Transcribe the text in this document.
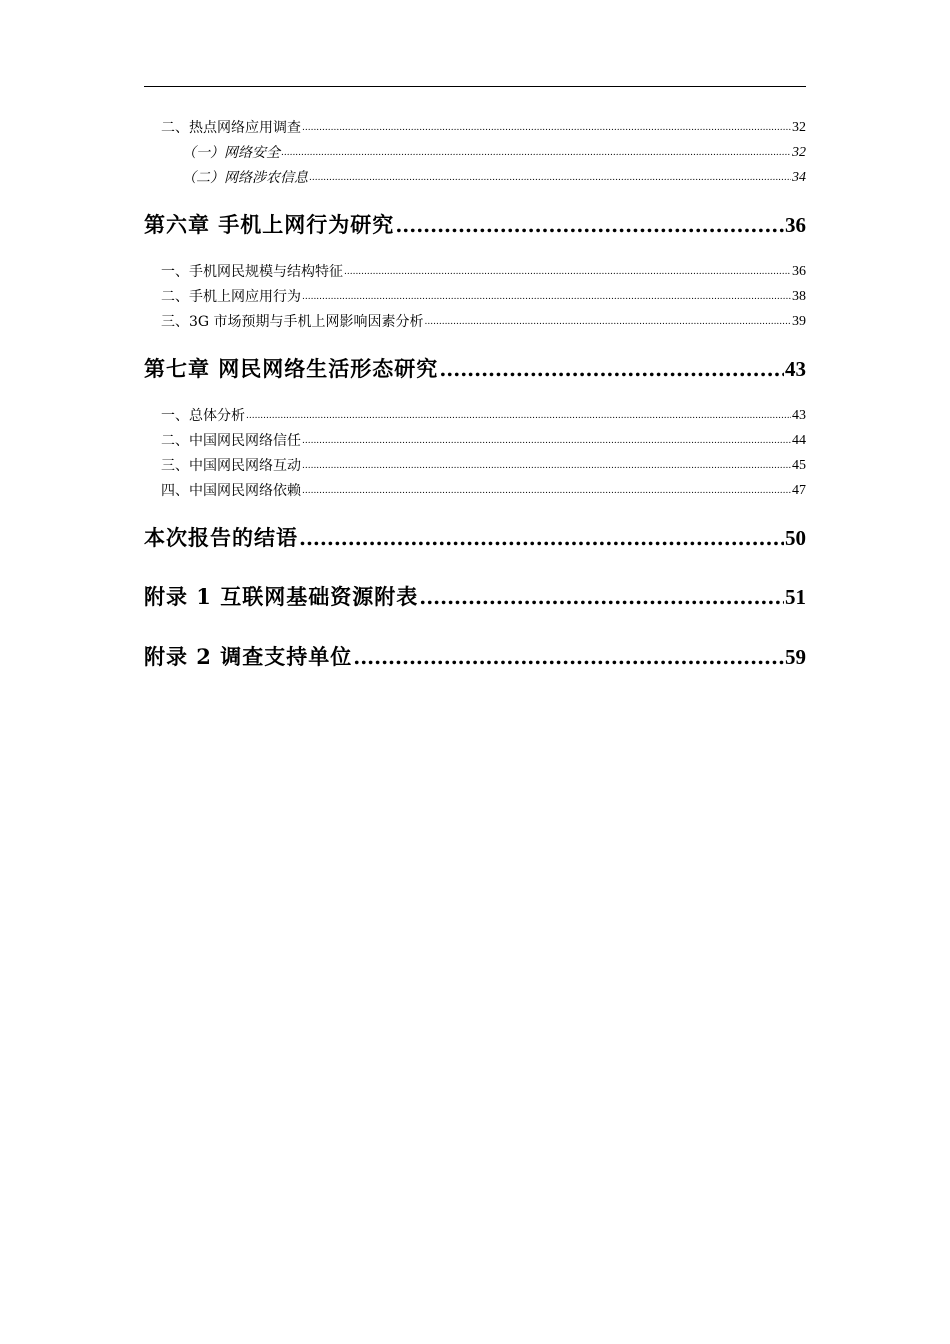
二、热点网络应用调查 .....	32
（一）网络安全 .....	32
（二）网络涉农信息 .....	34
第六章 手机上网行为研究 .....	36
一、手机网民规模与结构特征 .....	36
二、手机上网应用行为 .....	38
三、3G 市场预期与手机上网影响因素分析 .....	39
第七章 网民网络生活形态研究 .....	43
一、总体分析 .....	43
二、中国网民网络信任 .....	44
三、中国网民网络互动 .....	45
四、中国网民网络依赖 .....	47
本次报告的结语 .....	50
附录 1 互联网基础资源附表 .....	51
附录 2 调查支持单位 .....	59
